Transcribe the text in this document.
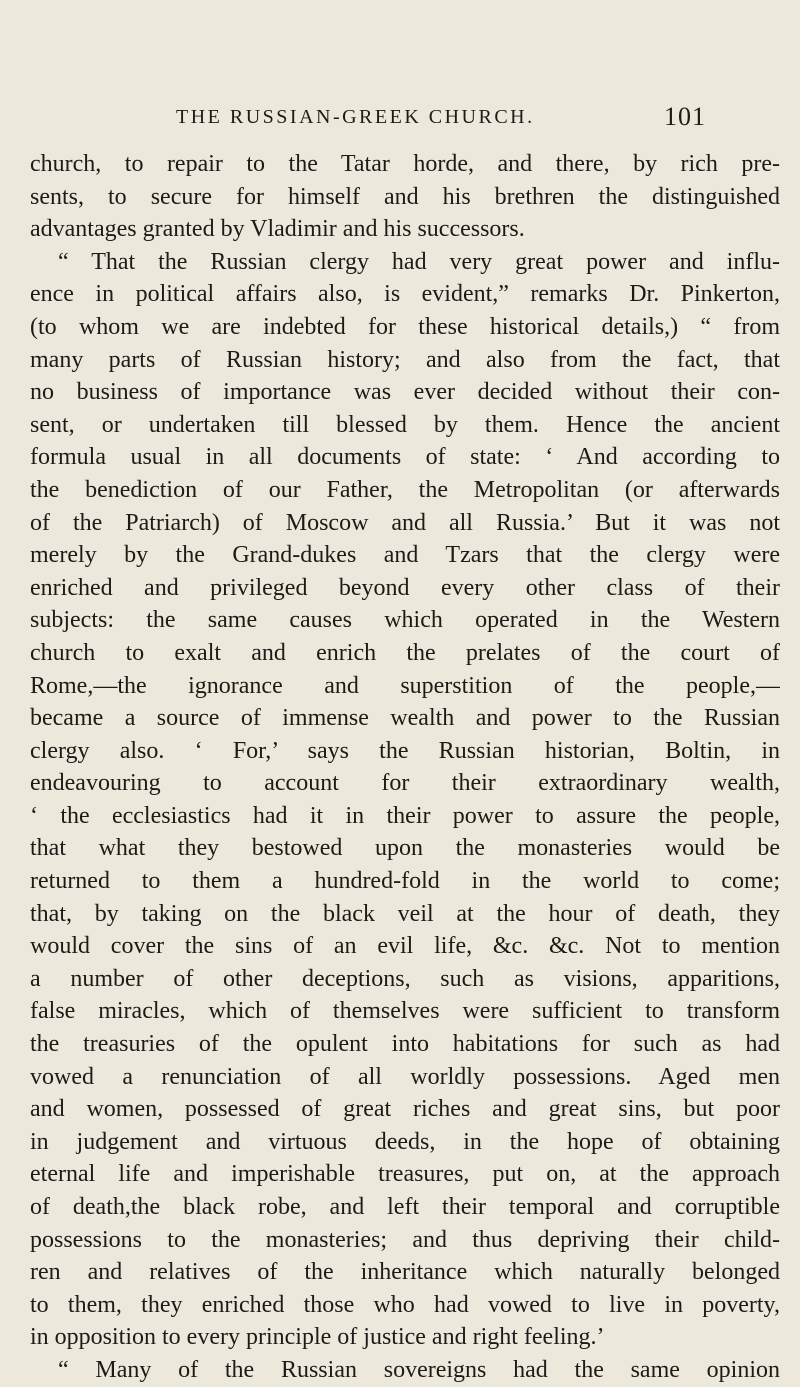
THE RUSSIAN-GREEK CHURCH.	101
church, to repair to the Tatar horde, and there, by rich pre-
sents, to secure for himself and his brethren the distinguished
advantages granted by Vladimir and his successors.
“ That the Russian clergy had very great power and influ-
ence in political affairs also, is evident,” remarks Dr. Pinkerton,
(to whom we are indebted for these historical details,) “ from
many parts of Russian history; and also from the fact, that
no business of importance was ever decided without their con-
sent, or undertaken till blessed by them. Hence the ancient
formula usual in all documents of state: ‘ And according to
the benediction of our Father, the Metropolitan (or afterwards
of the Patriarch) of Moscow and all Russia.’ But it was not
merely by the Grand-dukes and Tzars that the clergy were
enriched and privileged beyond every other class of their
subjects: the same causes which operated in the Western
church to exalt and enrich the prelates of the court of
Rome,—the ignorance and superstition of the people,—
became a source of immense wealth and power to the Russian
clergy also. ‘ For,’ says the Russian historian, Boltin, in
endeavouring to account for their extraordinary wealth,
‘ the ecclesiastics had it in their power to assure the people,
that what they bestowed upon the monasteries would be
returned to them a hundred-fold in the world to come;
that, by taking on the black veil at the hour of death, they
would cover the sins of an evil life, &c. &c. Not to mention
a number of other deceptions, such as visions, apparitions,
false miracles, which of themselves were sufficient to transform
the treasuries of the opulent into habitations for such as had
vowed a renunciation of all worldly possessions. Aged men
and women, possessed of great riches and great sins, but poor
in judgement and virtuous deeds, in the hope of obtaining
eternal life and imperishable treasures, put on, at the approach
of death,the black robe, and left their temporal and corruptible
possessions to the monasteries; and thus depriving their child-
ren and relatives of the inheritance which naturally belonged
to them, they enriched those who had vowed to live in poverty,
in opposition to every principle of justice and right feeling.’
“ Many of the Russian sovereigns had the same opinion
